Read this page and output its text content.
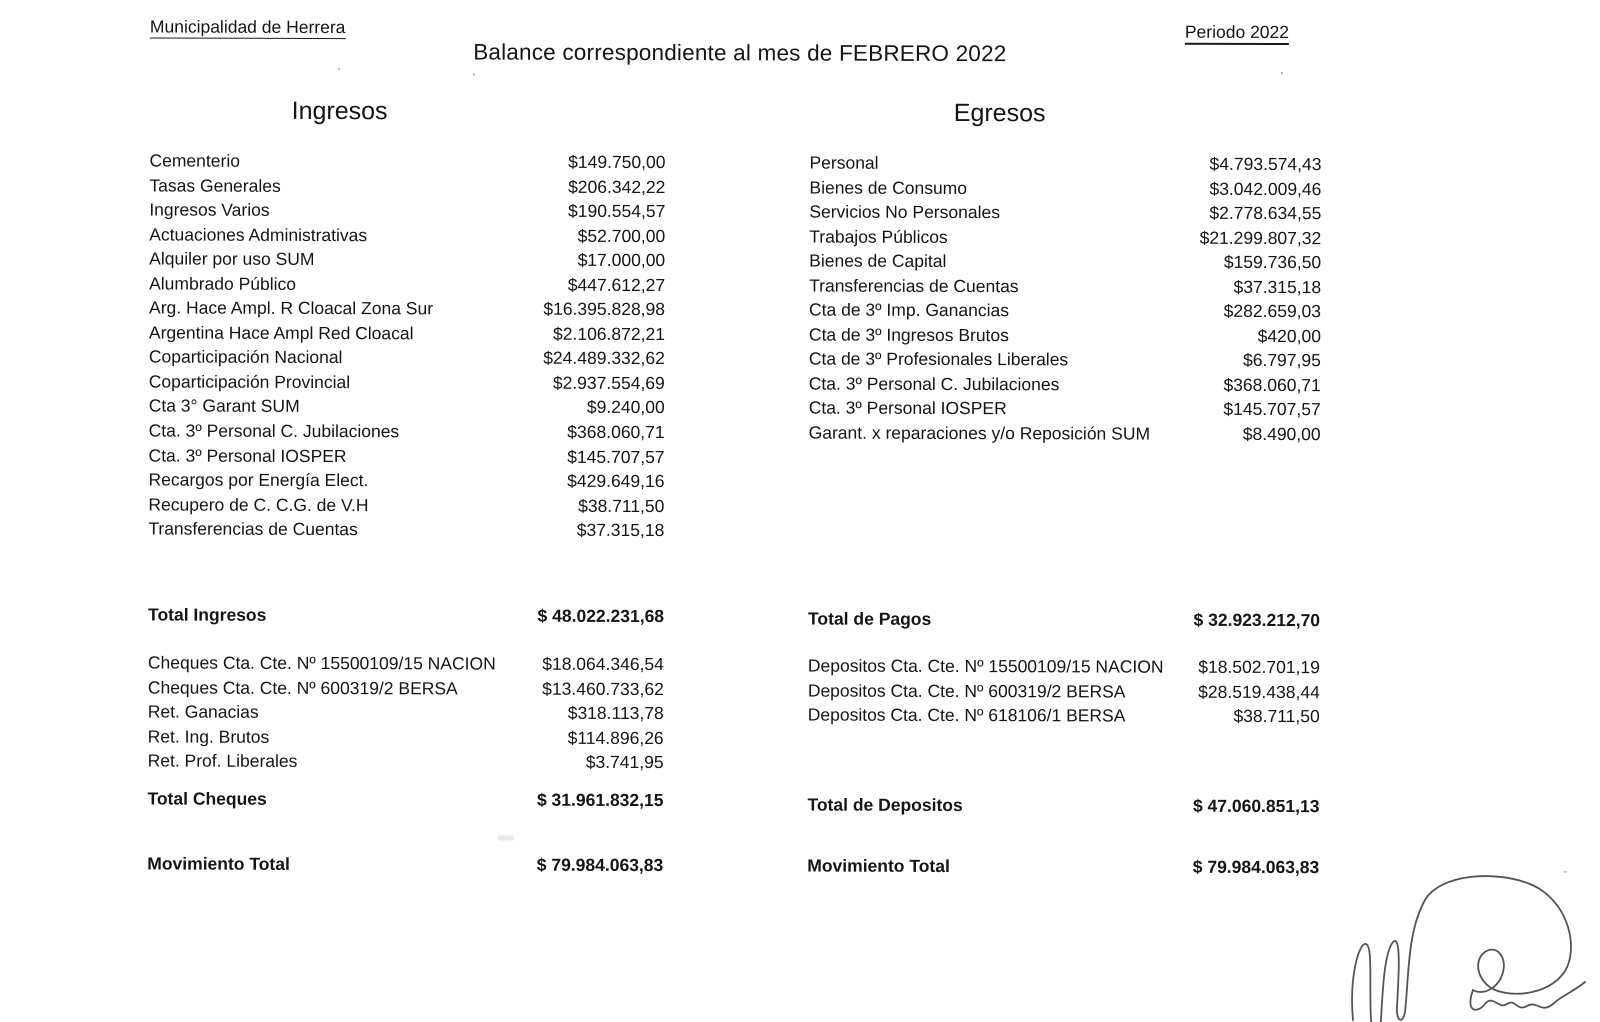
Municipalidad de Herrera	Periodo 2022
Balance correspondiente al mes de FEBRERO 2022
Ingresos	Egresos
Cementerio	$149.750,00
Tasas Generales	$206.342,22
Ingresos Varios	$190.554,57
Actuaciones Administrativas	$52.700,00
Alquiler por uso SUM	$17.000,00
Alumbrado Público	$447.612,27
Arg. Hace Ampl. R Cloacal Zona Sur	$16.395.828,98
Argentina Hace Ampl Red Cloacal	$2.106.872,21
Coparticipación Nacional	$24.489.332,62
Coparticipación Provincial	$2.937.554,69
Cta 3° Garant SUM	$9.240,00
Cta. 3º Personal C. Jubilaciones	$368.060,71
Cta. 3º Personal IOSPER	$145.707,57
Recargos por Energía Elect.	$429.649,16
Recupero de C. C.G. de V.H	$38.711,50
Transferencias de Cuentas	$37.315,18
Total Ingresos	$ 48.022.231,68
Cheques Cta. Cte. Nº 15500109/15 NACION	$18.064.346,54
Cheques Cta. Cte. Nº 600319/2 BERSA	$13.460.733,62
Ret. Ganacias	$318.113,78
Ret. Ing. Brutos	$114.896,26
Ret. Prof. Liberales	$3.741,95
Total Cheques	$ 31.961.832,15
Movimiento Total	$ 79.984.063,83
Personal	$4.793.574,43
Bienes de Consumo	$3.042.009,46
Servicios No Personales	$2.778.634,55
Trabajos Públicos	$21.299.807,32
Bienes de Capital	$159.736,50
Transferencias de Cuentas	$37.315,18
Cta de 3º Imp. Ganancias	$282.659,03
Cta de 3º Ingresos Brutos	$420,00
Cta de 3º Profesionales Liberales	$6.797,95
Cta. 3º Personal C. Jubilaciones	$368.060,71
Cta. 3º Personal IOSPER	$145.707,57
Garant. x reparaciones y/o Reposición SUM	$8.490,00
Total de Pagos	$ 32.923.212,70
Depositos Cta. Cte. Nº 15500109/15 NACION	$18.502.701,19
Depositos Cta. Cte. Nº 600319/2 BERSA	$28.519.438,44
Depositos Cta. Cte. Nº 618106/1 BERSA	$38.711,50
Total de Depositos	$ 47.060.851,13
Movimiento Total	$ 79.984.063,83
